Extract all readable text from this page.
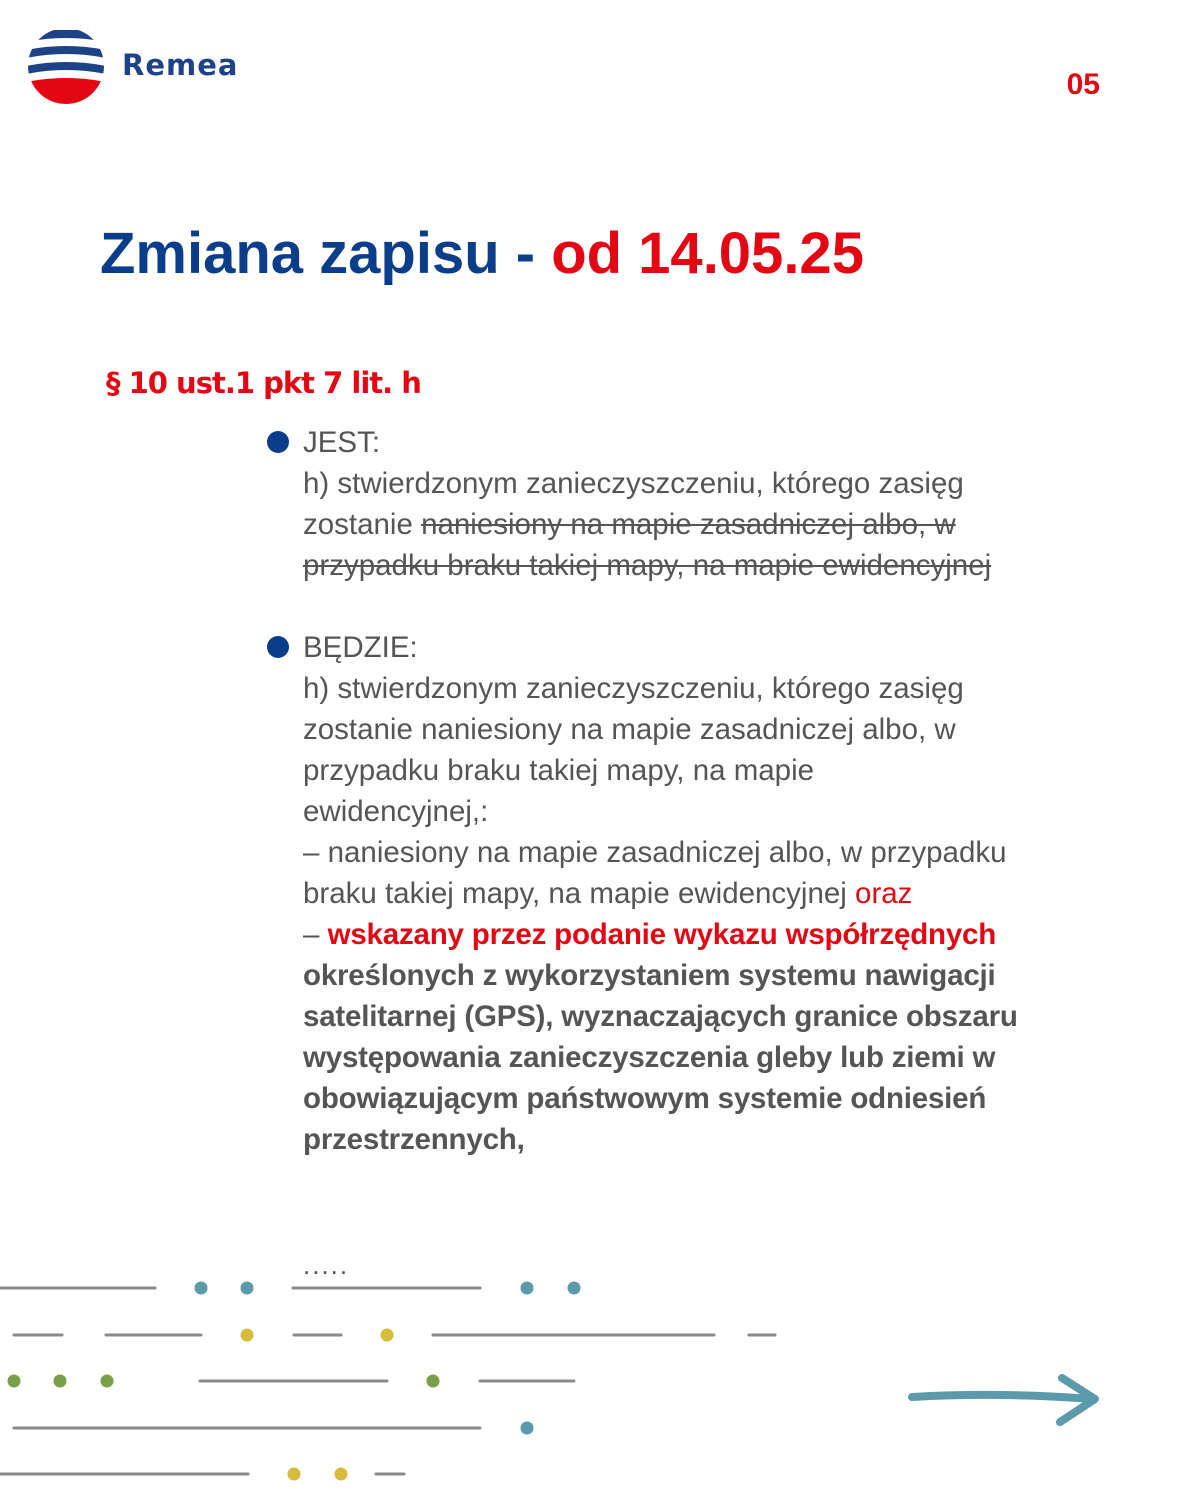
Remea
05
Zmiana zapisu - od 14.05.25
§ 10 ust.1 pkt 7 lit. h
JEST:
h) stwierdzonym zanieczyszczeniu, którego zasięg
zostanie naniesiony na mapie zasadniczej albo, w
przypadku braku takiej mapy, na mapie ewidencyjnej
BĘDZIE:
h) stwierdzonym zanieczyszczeniu, którego zasięg
zostanie naniesiony na mapie zasadniczej albo, w
przypadku braku takiej mapy, na mapie
ewidencyjnej,:
– naniesiony na mapie zasadniczej albo, w przypadku
braku takiej mapy, na mapie ewidencyjnej oraz
– wskazany przez podanie wykazu współrzędnych
określonych z wykorzystaniem systemu nawigacji
satelitarnej (GPS), wyznaczających granice obszaru
występowania zanieczyszczenia gleby lub ziemi w
obowiązującym państwowym systemie odniesień
przestrzennych,
.....
